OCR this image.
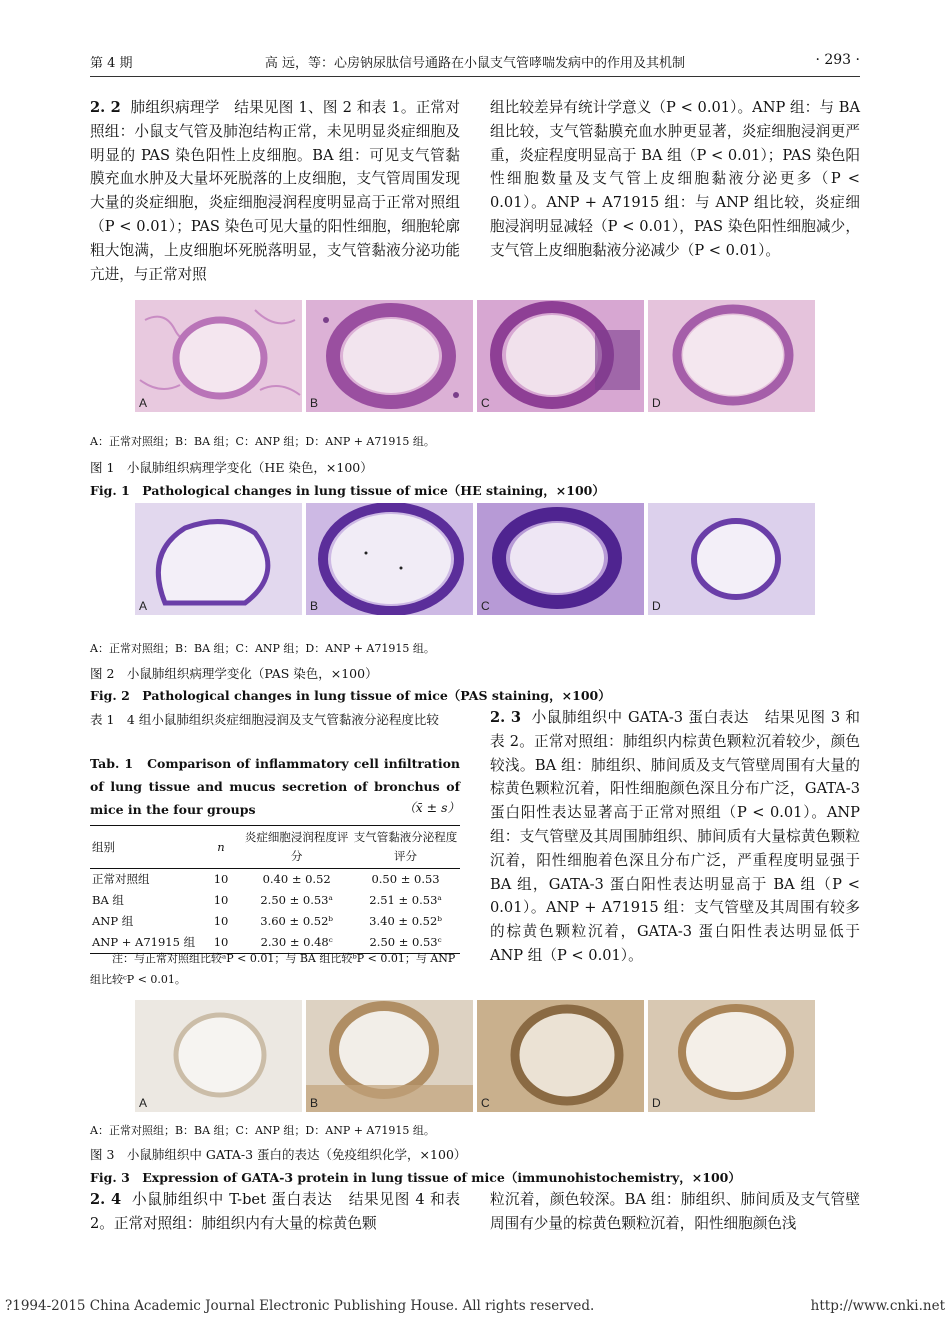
第 4 期	高 远，等：心房钠尿肽信号通路在小鼠支气管哮喘发病中的作用及其机制	· 293 ·

2. 2 肺组织病理学 结果见图 1、图 2 和表 1。正常对照组：小鼠支气管及肺泡结构正常，未见明显炎症细胞及明显的 PAS 染色阳性上皮细胞。BA 组：可见支气管黏膜充血水肿及大量坏死脱落的上皮细胞，支气管周围发现大量的炎症细胞，炎症细胞浸润程度明显高于正常对照组（P < 0.01）；PAS 染色可见大量的阳性细胞，细胞轮廓粗大饱满，上皮细胞坏死脱落明显，支气管黏液分泌功能亢进，与正常对照

组比较差异有统计学意义（P < 0.01）。ANP 组：与 BA 组比较，支气管黏膜充血水肿更显著，炎症细胞浸润更严重，炎症程度明显高于 BA 组（P < 0.01）；PAS 染色阳性细胞数量及支气管上皮细胞黏液分泌更多（P < 0.01）。ANP + A71915 组：与 ANP 组比较，炎症细胞浸润明显减轻（P < 0.01），PAS 染色阳性细胞减少，支气管上皮细胞黏液分泌减少（P < 0.01）。

A	B	C	D
A：正常对照组；B：BA 组；C：ANP 组；D：ANP + A71915 组。
图 1　小鼠肺组织病理学变化（HE 染色，×100）
Fig. 1　Pathological changes in lung tissue of mice（HE staining，×100）
A	B	C	D
A：正常对照组；B：BA 组；C：ANP 组；D：ANP + A71915 组。
图 2　小鼠肺组织病理学变化（PAS 染色，×100）
Fig. 2　Pathological changes in lung tissue of mice（PAS staining，×100）
表 1　4 组小鼠肺组织炎症细胞浸润及支气管黏液分泌程度比较
Tab. 1　Comparison of inflammatory cell infiltration of lung tissue and mucus secretion of bronchus of mice in the four groups	（x̄ ± s）
组别	n	炎症细胞浸润程度评分	支气管黏液分泌程度评分
正常对照组	10	0.40 ± 0.52	0.50 ± 0.53
BA 组	10	2.50 ± 0.53ᵃ	2.51 ± 0.53ᵃ
ANP 组	10	3.60 ± 0.52ᵇ	3.40 ± 0.52ᵇ
ANP + A71915 组	10	2.30 ± 0.48ᶜ	2.50 ± 0.53ᶜ
注：与正常对照组比较ᵃP < 0.01；与 BA 组比较ᵇP < 0.01；与 ANP 组比较ᶜP < 0.01。

2. 3 小鼠肺组织中 GATA-3 蛋白表达 结果见图 3 和表 2。正常对照组：肺组织内棕黄色颗粒沉着较少，颜色较浅。BA 组：肺组织、肺间质及支气管壁周围有大量的棕黄色颗粒沉着，阳性细胞颜色深且分布广泛，GATA-3 蛋白阳性表达显著高于正常对照组（P < 0.01）。ANP 组：支气管壁及其周围肺组织、肺间质有大量棕黄色颗粒沉着，阳性细胞着色深且分布广泛，严重程度明显强于 BA 组，GATA-3 蛋白阳性表达明显高于 BA 组（P < 0.01）。ANP + A71915 组：支气管壁及其周围有较多的棕黄色颗粒沉着，GATA-3 蛋白阳性表达明显低于 ANP 组（P < 0.01）。

A	B	C	D
A：正常对照组；B：BA 组；C：ANP 组；D：ANP + A71915 组。
图 3　小鼠肺组织中 GATA-3 蛋白的表达（免疫组织化学，×100）
Fig. 3　Expression of GATA-3 protein in lung tissue of mice（immunohistochemistry，×100）

2. 4 小鼠肺组织中 T-bet 蛋白表达 结果见图 4 和表 2。正常对照组：肺组织内有大量的棕黄色颗

粒沉着，颜色较深。BA 组：肺组织、肺间质及支气管壁周围有少量的棕黄色颗粒沉着，阳性细胞颜色浅

?1994-2015 China Academic Journal Electronic Publishing House. All rights reserved.	http://www.cnki.net
